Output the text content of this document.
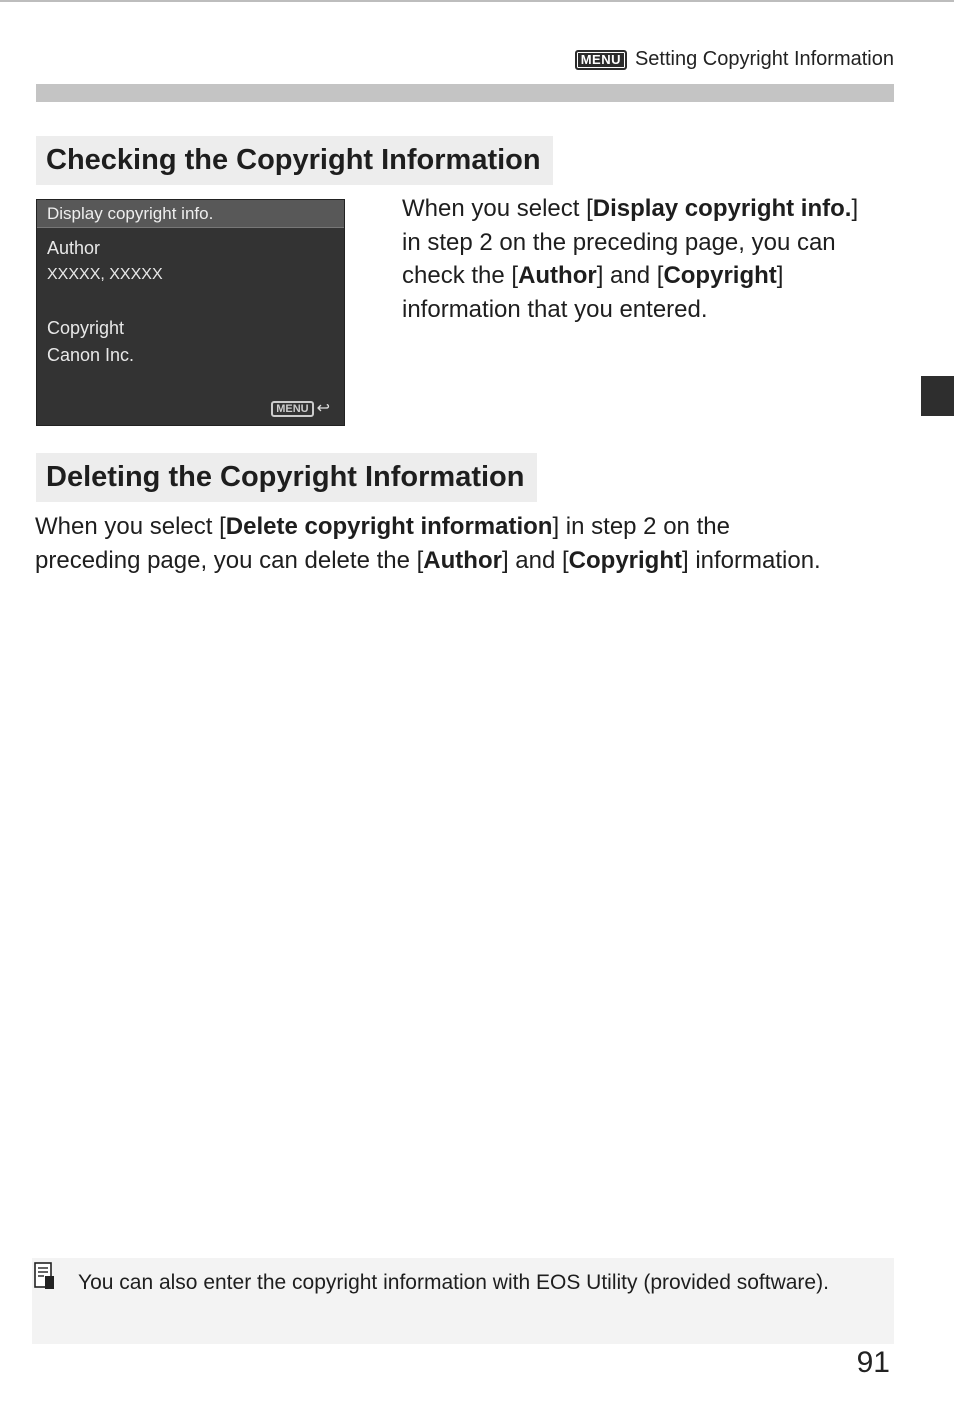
MENU Setting Copyright Information
Checking the Copyright Information
Display copyright info.
Author
XXXXX, XXXXX
Copyright
Canon Inc.
MENU ↩
When you select [Display copyright info.] in step 2 on the preceding page, you can check the [Author] and [Copyright] information that you entered.
Deleting the Copyright Information
When you select [Delete copyright information] in step 2 on the preceding page, you can delete the [Author] and [Copyright] information.
You can also enter the copyright information with EOS Utility (provided software).
91
